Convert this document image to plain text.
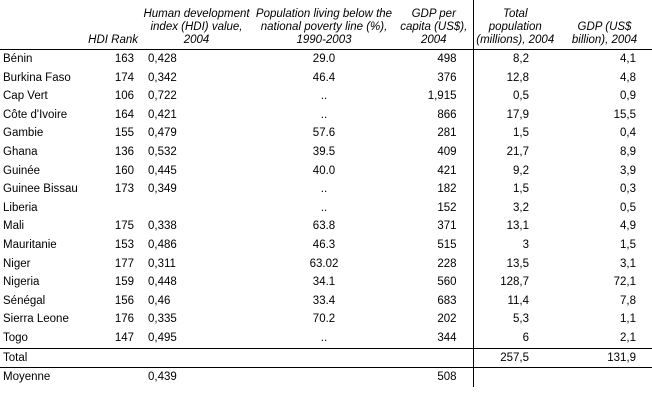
	HDI Rank	Human development index (HDI) value, 2004	Population living below the national poverty line (%), 1990-2003	GDP per capita (US$), 2004	Total population (millions), 2004	GDP (US$ billion), 2004
Bénin	163	0,428	29.0	498	8,2	4,1
Burkina Faso	174	0,342	46.4	376	12,8	4,8
Cap Vert	106	0,722	..	1,915	0,5	0,9
Côte d'Ivoire	164	0,421	..	866	17,9	15,5
Gambie	155	0,479	57.6	281	1,5	0,4
Ghana	136	0,532	39.5	409	21,7	8,9
Guinée	160	0,445	40.0	421	9,2	3,9
Guinee Bissau	173	0,349	..	182	1,5	0,3
Liberia			..	152	3,2	0,5
Mali	175	0,338	63.8	371	13,1	4,9
Mauritanie	153	0,486	46.3	515	3	1,5
Niger	177	0,311	63.02	228	13,5	3,1
Nigeria	159	0,448	34.1	560	128,7	72,1
Sénégal	156	0,46	33.4	683	11,4	7,8
Sierra Leone	176	0,335	70.2	202	5,3	1,1
Togo	147	0,495	..	344	6	2,1
Total					257,5	131,9
Moyenne		0,439		508		
